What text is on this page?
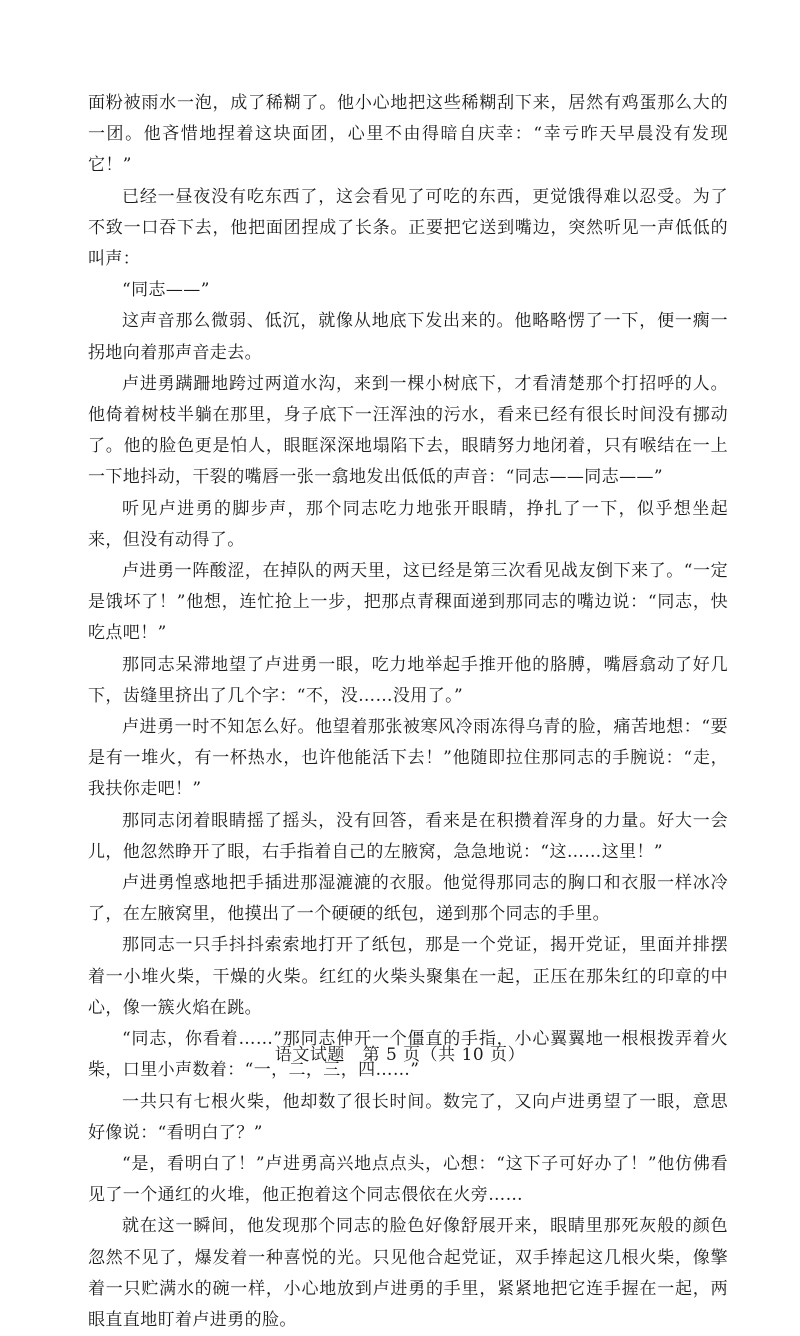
面粉被雨水一泡，成了稀糊了。他小心地把这些稀糊刮下来，居然有鸡蛋那么大的一团。他吝惜地捏着这块面团，心里不由得暗自庆幸：“幸亏昨天早晨没有发现它！”

已经一昼夜没有吃东西了，这会看见了可吃的东西，更觉饿得难以忍受。为了不致一口吞下去，他把面团捏成了长条。正要把它送到嘴边，突然听见一声低低的叫声：

“同志——”

这声音那么微弱、低沉，就像从地底下发出来的。他略略愣了一下，便一瘸一拐地向着那声音走去。

卢进勇蹒跚地跨过两道水沟，来到一棵小树底下，才看清楚那个打招呼的人。他倚着树枝半躺在那里，身子底下一汪浑浊的污水，看来已经有很长时间没有挪动了。他的脸色更是怕人，眼眶深深地塌陷下去，眼睛努力地闭着，只有喉结在一上一下地抖动，干裂的嘴唇一张一翕地发出低低的声音：“同志——同志——”

听见卢进勇的脚步声，那个同志吃力地张开眼睛，挣扎了一下，似乎想坐起来，但没有动得了。

卢进勇一阵酸涩，在掉队的两天里，这已经是第三次看见战友倒下来了。“一定是饿坏了！”他想，连忙抢上一步，把那点青稞面递到那同志的嘴边说：“同志，快吃点吧！”

那同志呆滞地望了卢进勇一眼，吃力地举起手推开他的胳膊，嘴唇翕动了好几下，齿缝里挤出了几个字：“不，没……没用了。”

卢进勇一时不知怎么好。他望着那张被寒风冷雨冻得乌青的脸，痛苦地想：“要是有一堆火，有一杯热水，也许他能活下去！”他随即拉住那同志的手腕说：“走，我扶你走吧！”

那同志闭着眼睛摇了摇头，没有回答，看来是在积攒着浑身的力量。好大一会儿，他忽然睁开了眼，右手指着自己的左腋窝，急急地说：“这……这里！”

卢进勇惶惑地把手插进那湿漉漉的衣服。他觉得那同志的胸口和衣服一样冰冷了，在左腋窝里，他摸出了一个硬硬的纸包，递到那个同志的手里。

那同志一只手抖抖索索地打开了纸包，那是一个党证，揭开党证，里面并排摆着一小堆火柴，干燥的火柴。红红的火柴头聚集在一起，正压在那朱红的印章的中心，像一簇火焰在跳。

“同志，你看着……”那同志伸开一个僵直的手指，小心翼翼地一根根拨弄着火柴，口里小声数着：“一，二，三，四……”

一共只有七根火柴，他却数了很长时间。数完了，又向卢进勇望了一眼，意思好像说：“看明白了？”

“是，看明白了！”卢进勇高兴地点点头，心想：“这下子可好办了！”他仿佛看见了一个通红的火堆，他正抱着这个同志偎依在火旁……

就在这一瞬间，他发现那个同志的脸色好像舒展开来，眼睛里那死灰般的颜色忽然不见了，爆发着一种喜悦的光。只见他合起党证，双手捧起这几根火柴，像擎着一只贮满水的碗一样，小心地放到卢进勇的手里，紧紧地把它连手握在一起，两眼直直地盯着卢进勇的脸。

语文试题 第 5 页（共 10 页）
